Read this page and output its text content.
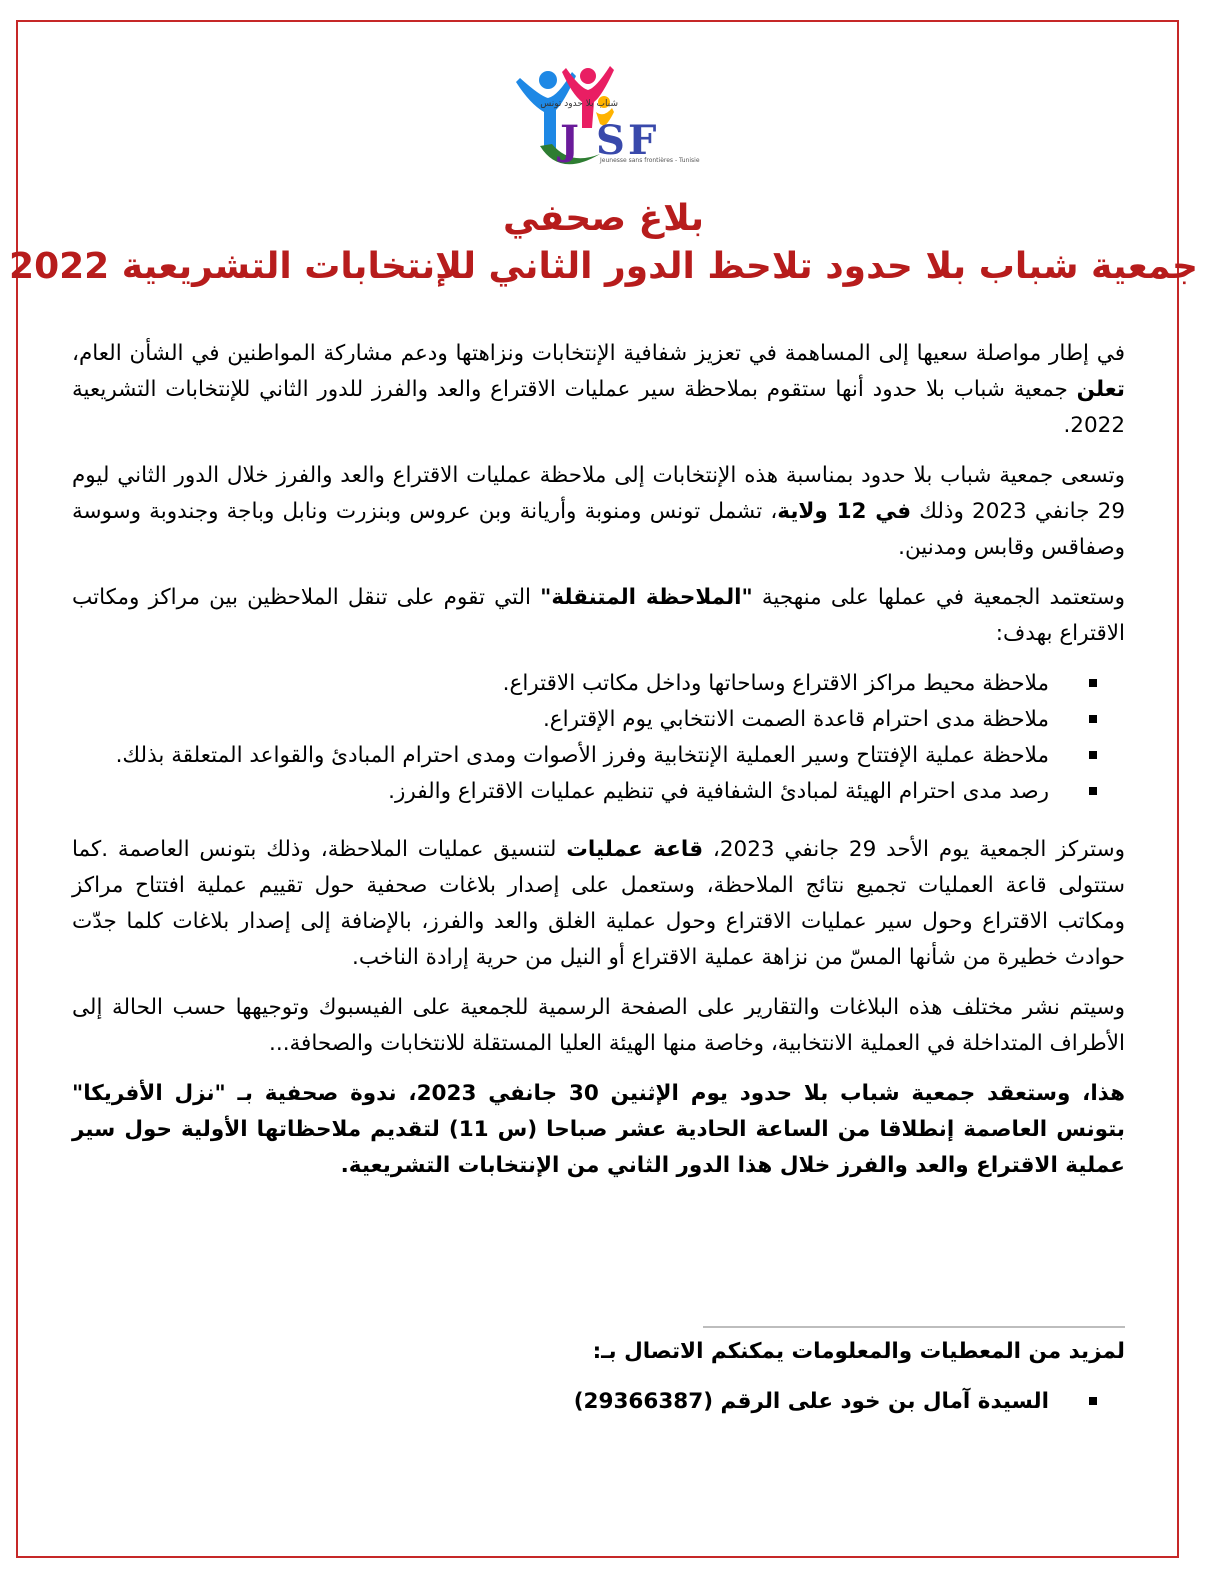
J S F
شباب بلا حدود تونس
Jeunesse sans frontières - Tunisie
بلاغ صحفي
جمعية شباب بلا حدود تلاحظ الدور الثاني للإنتخابات التشريعية 2022

في إطار مواصلة سعيها إلى المساهمة في تعزيز شفافية الإنتخابات ونزاهتها ودعم مشاركة المواطنين في الشأن العام، تعلن جمعية شباب بلا حدود أنها ستقوم بملاحظة سير عمليات الاقتراع والعد والفرز للدور الثاني للإنتخابات التشريعية 2022.

وتسعى جمعية شباب بلا حدود بمناسبة هذه الإنتخابات إلى ملاحظة عمليات الاقتراع والعد والفرز خلال الدور الثاني ليوم 29 جانفي 2023 وذلك في 12 ولاية، تشمل تونس ومنوبة وأريانة وبن عروس وبنزرت ونابل وباجة وجندوبة وسوسة وصفاقس وقابس ومدنين.

وستعتمد الجمعية في عملها على منهجية "الملاحظة المتنقلة" التي تقوم على تنقل الملاحظين بين مراكز ومكاتب الاقتراع بهدف:

ملاحظة محيط مراكز الاقتراع وساحاتها وداخل مكاتب الاقتراع.
ملاحظة مدى احترام قاعدة الصمت الانتخابي يوم الإقتراع.
ملاحظة عملية الإفتتاح وسير العملية الإنتخابية وفرز الأصوات ومدى احترام المبادئ والقواعد المتعلقة بذلك.
رصد مدى احترام الهيئة لمبادئ الشفافية في تنظيم عمليات الاقتراع والفرز.

وستركز الجمعية يوم الأحد 29 جانفي 2023، قاعة عمليات لتنسيق عمليات الملاحظة، وذلك بتونس العاصمة .كما ستتولى قاعة العمليات تجميع نتائج الملاحظة، وستعمل على إصدار بلاغات صحفية حول تقييم عملية افتتاح مراكز ومكاتب الاقتراع وحول سير عمليات الاقتراع وحول عملية الغلق والعد والفرز، بالإضافة إلى إصدار بلاغات كلما جدّت حوادث خطيرة من شأنها المسّ من نزاهة عملية الاقتراع أو النيل من حرية إرادة الناخب.

وسيتم نشر مختلف هذه البلاغات والتقارير على الصفحة الرسمية للجمعية على الفيسبوك وتوجيهها حسب الحالة إلى الأطراف المتداخلة في العملية الانتخابية، وخاصة منها الهيئة العليا المستقلة للانتخابات والصحافة...

هذا، وستعقد جمعية شباب بلا حدود يوم الإثنين 30 جانفي 2023، ندوة صحفية بـ "نزل الأفريكا" بتونس العاصمة إنطلاقا من الساعة الحادية عشر صباحا (س 11) لتقديم ملاحظاتها الأولية حول سير عملية الاقتراع والعد والفرز خلال هذا الدور الثاني من الإنتخابات التشريعية.

لمزيد من المعطيات والمعلومات يمكنكم الاتصال بـ:
السيدة آمال بن خود على الرقم (29366387)
